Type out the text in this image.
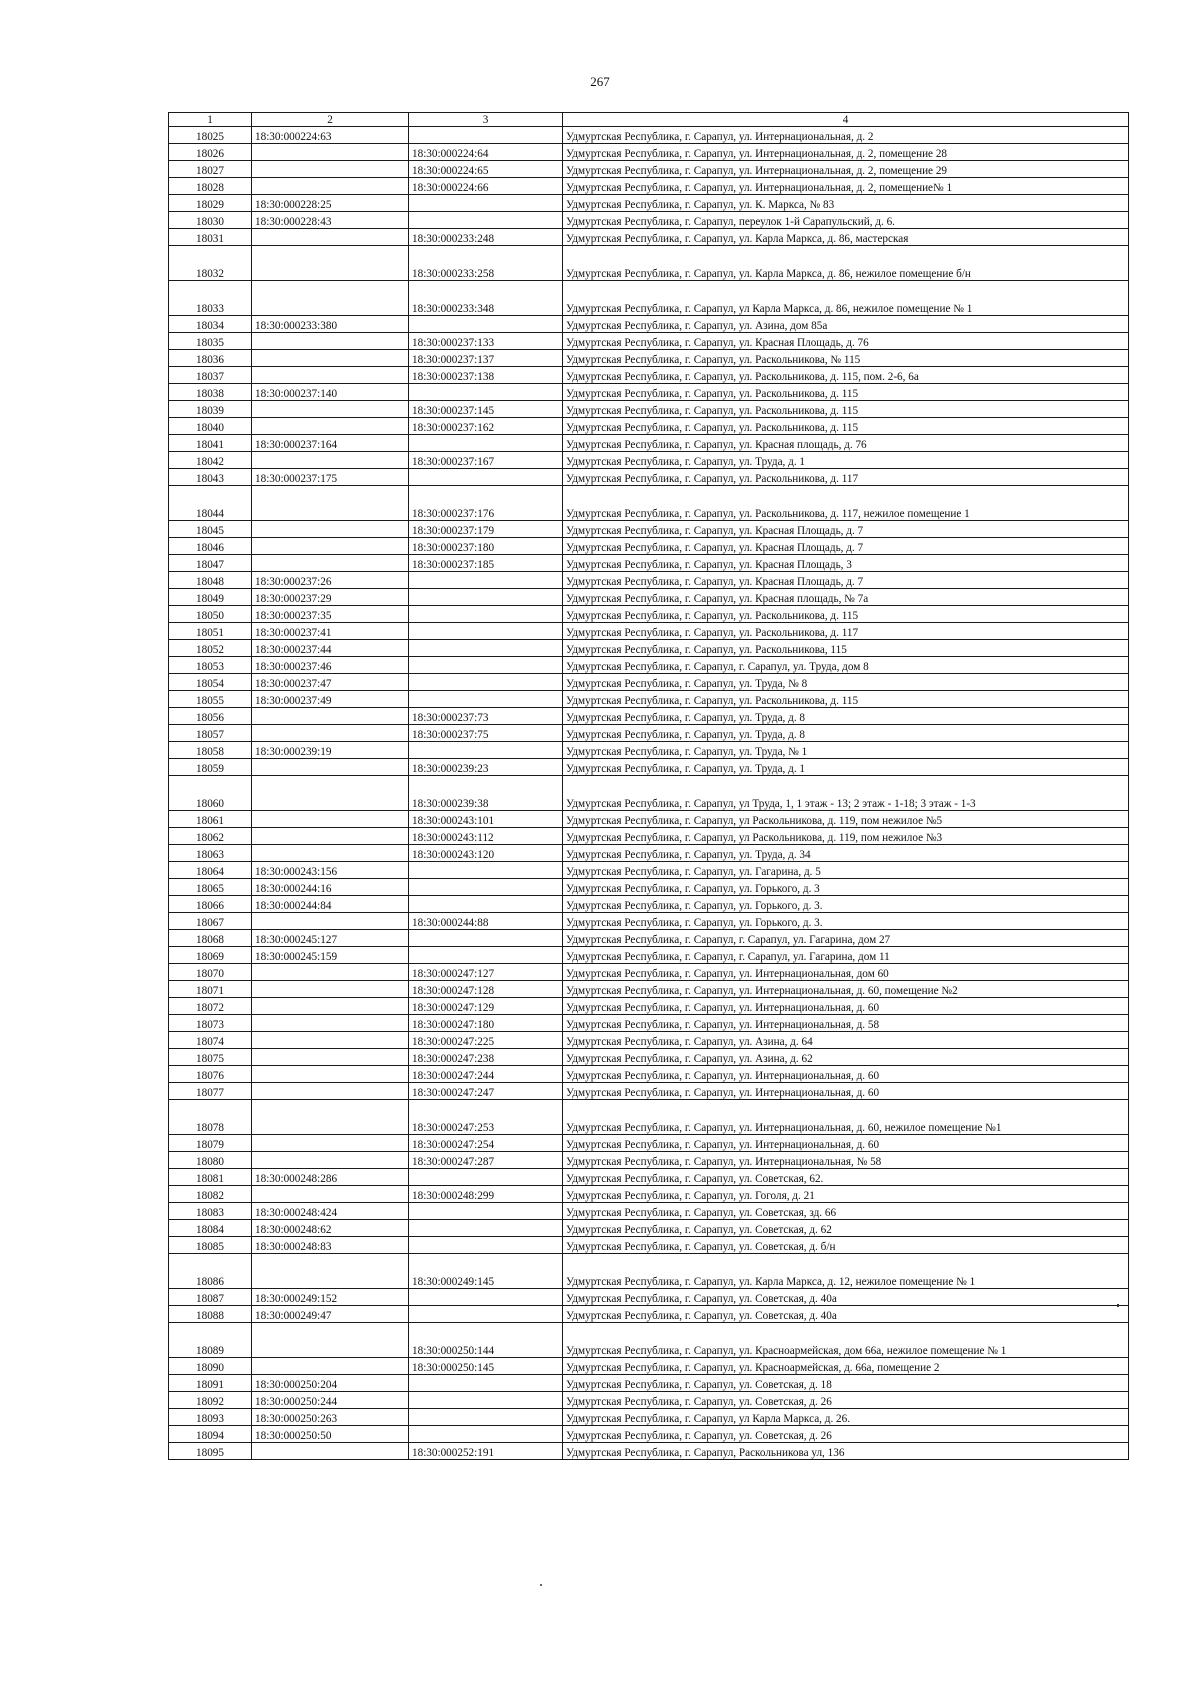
267
1	2	3	4
18025	18:30:000224:63		Удмуртская Республика, г. Сарапул, ул. Интернациональная, д. 2
18026		18:30:000224:64	Удмуртская Республика, г. Сарапул, ул. Интернациональная, д. 2, помещение 28
18027		18:30:000224:65	Удмуртская Республика, г. Сарапул, ул. Интернациональная, д. 2, помещение 29
18028		18:30:000224:66	Удмуртская Республика, г. Сарапул, ул. Интернациональная, д. 2, помещение№ 1
18029	18:30:000228:25		Удмуртская Республика, г. Сарапул, ул. К. Маркса, № 83
18030	18:30:000228:43		Удмуртская Республика, г. Сарапул, переулок 1-й Сарапульский, д. 6.
18031		18:30:000233:248	Удмуртская Республика, г. Сарапул, ул. Карла Маркса, д. 86, мастерская
18032		18:30:000233:258	Удмуртская Республика, г. Сарапул, ул. Карла Маркса, д. 86, нежилое помещение б/н
18033		18:30:000233:348	Удмуртская Республика, г. Сарапул, ул Карла Маркса, д. 86, нежилое помещение № 1
18034	18:30:000233:380		Удмуртская Республика, г. Сарапул, ул. Азина, дом 85а
18035		18:30:000237:133	Удмуртская Республика, г. Сарапул, ул. Красная Площадь, д. 76
18036		18:30:000237:137	Удмуртская Республика, г. Сарапул, ул. Раскольникова, № 115
18037		18:30:000237:138	Удмуртская Республика, г. Сарапул, ул. Раскольникова, д. 115, пом. 2-6, 6а
18038	18:30:000237:140		Удмуртская Республика, г. Сарапул, ул. Раскольникова, д. 115
18039		18:30:000237:145	Удмуртская Республика, г. Сарапул, ул. Раскольникова, д. 115
18040		18:30:000237:162	Удмуртская Республика, г. Сарапул, ул. Раскольникова, д. 115
18041	18:30:000237:164		Удмуртская Республика, г. Сарапул, ул. Красная площадь, д. 76
18042		18:30:000237:167	Удмуртская Республика, г. Сарапул, ул. Труда, д. 1
18043	18:30:000237:175		Удмуртская Республика, г. Сарапул, ул. Раскольникова, д. 117
18044		18:30:000237:176	Удмуртская Республика, г. Сарапул, ул. Раскольникова, д. 117, нежилое помещение 1
18045		18:30:000237:179	Удмуртская Республика, г. Сарапул, ул. Красная Площадь, д. 7
18046		18:30:000237:180	Удмуртская Республика, г. Сарапул, ул. Красная Площадь, д. 7
18047		18:30:000237:185	Удмуртская Республика, г. Сарапул, ул. Красная Площадь, 3
18048	18:30:000237:26		Удмуртская Республика, г. Сарапул, ул. Красная Площадь, д. 7
18049	18:30:000237:29		Удмуртская Республика, г. Сарапул, ул. Красная площадь, № 7а
18050	18:30:000237:35		Удмуртская Республика, г. Сарапул, ул. Раскольникова, д. 115
18051	18:30:000237:41		Удмуртская Республика, г. Сарапул, ул. Раскольникова, д. 117
18052	18:30:000237:44		Удмуртская Республика, г. Сарапул, ул. Раскольникова, 115
18053	18:30:000237:46		Удмуртская Республика, г. Сарапул, г. Сарапул, ул. Труда, дом 8
18054	18:30:000237:47		Удмуртская Республика, г. Сарапул, ул. Труда, № 8
18055	18:30:000237:49		Удмуртская Республика, г. Сарапул, ул. Раскольникова, д. 115
18056		18:30:000237:73	Удмуртская Республика, г. Сарапул, ул. Труда, д. 8
18057		18:30:000237:75	Удмуртская Республика, г. Сарапул, ул. Труда, д. 8
18058	18:30:000239:19		Удмуртская Республика, г. Сарапул, ул. Труда, № 1
18059		18:30:000239:23	Удмуртская Республика, г. Сарапул, ул. Труда, д. 1
18060		18:30:000239:38	Удмуртская Республика, г. Сарапул, ул Труда, 1, 1 этаж - 13; 2 этаж - 1-18; 3 этаж - 1-3
18061		18:30:000243:101	Удмуртская Республика, г. Сарапул, ул Раскольникова, д. 119, пом нежилое №5
18062		18:30:000243:112	Удмуртская Республика, г. Сарапул, ул Раскольникова, д. 119, пом нежилое №3
18063		18:30:000243:120	Удмуртская Республика, г. Сарапул, ул. Труда, д. 34
18064	18:30:000243:156		Удмуртская Республика, г. Сарапул, ул. Гагарина, д. 5
18065	18:30:000244:16		Удмуртская Республика, г. Сарапул, ул. Горького, д. 3
18066	18:30:000244:84		Удмуртская Республика, г. Сарапул, ул. Горького, д. 3.
18067		18:30:000244:88	Удмуртская Республика, г. Сарапул, ул. Горького, д. 3.
18068	18:30:000245:127		Удмуртская Республика, г. Сарапул, г. Сарапул, ул. Гагарина, дом 27
18069	18:30:000245:159		Удмуртская Республика, г. Сарапул, г. Сарапул, ул. Гагарина, дом 11
18070		18:30:000247:127	Удмуртская Республика, г. Сарапул, ул. Интернациональная, дом 60
18071		18:30:000247:128	Удмуртская Республика, г. Сарапул, ул. Интернациональная, д. 60, помещение №2
18072		18:30:000247:129	Удмуртская Республика, г. Сарапул, ул. Интернациональная, д. 60
18073		18:30:000247:180	Удмуртская Республика, г. Сарапул, ул. Интернациональная, д. 58
18074		18:30:000247:225	Удмуртская Республика, г. Сарапул, ул. Азина, д. 64
18075		18:30:000247:238	Удмуртская Республика, г. Сарапул, ул. Азина, д. 62
18076		18:30:000247:244	Удмуртская Республика, г. Сарапул, ул. Интернациональная, д. 60
18077		18:30:000247:247	Удмуртская Республика, г. Сарапул, ул. Интернациональная, д. 60
18078		18:30:000247:253	Удмуртская Республика, г. Сарапул, ул. Интернациональная, д. 60, нежилое помещение №1
18079		18:30:000247:254	Удмуртская Республика, г. Сарапул, ул. Интернациональная, д. 60
18080		18:30:000247:287	Удмуртская Республика, г. Сарапул, ул. Интернациональная, № 58
18081	18:30:000248:286		Удмуртская Республика, г. Сарапул, ул. Советская, 62.
18082		18:30:000248:299	Удмуртская Республика, г. Сарапул, ул. Гоголя, д. 21
18083	18:30:000248:424		Удмуртская Республика, г. Сарапул, ул. Советская, зд. 66
18084	18:30:000248:62		Удмуртская Республика, г. Сарапул, ул. Советская, д. 62
18085	18:30:000248:83		Удмуртская Республика, г. Сарапул, ул. Советская, д. б/н
18086		18:30:000249:145	Удмуртская Республика, г. Сарапул, ул. Карла Маркса, д. 12, нежилое помещение № 1
18087	18:30:000249:152		Удмуртская Республика, г. Сарапул, ул. Советская, д. 40а
18088	18:30:000249:47		Удмуртская Республика, г. Сарапул, ул. Советская, д. 40а
18089		18:30:000250:144	Удмуртская Республика, г. Сарапул, ул. Красноармейская, дом 66а, нежилое помещение № 1
18090		18:30:000250:145	Удмуртская Республика, г. Сарапул, ул. Красноармейская, д. 66а, помещение 2
18091	18:30:000250:204		Удмуртская Республика, г. Сарапул, ул. Советская, д. 18
18092	18:30:000250:244		Удмуртская Республика, г. Сарапул, ул. Советская, д. 26
18093	18:30:000250:263		Удмуртская Республика, г. Сарапул, ул Карла Маркса, д. 26.
18094	18:30:000250:50		Удмуртская Республика, г. Сарапул, ул. Советская, д. 26
18095		18:30:000252:191	Удмуртская Республика, г. Сарапул, Раскольникова ул, 136
